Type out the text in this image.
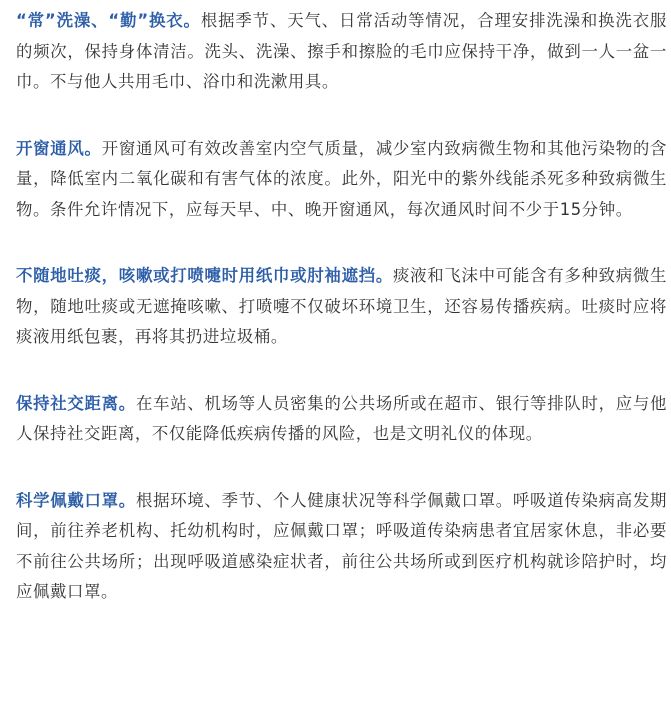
“常”洗澡、“勤”换衣。根据季节、天气、日常活动等情况，合理安排洗澡和换洗衣服的频次，保持身体清洁。洗头、洗澡、擦手和擦脸的毛巾应保持干净，做到一人一盆一巾。不与他人共用毛巾、浴巾和洗漱用具。

开窗通风。开窗通风可有效改善室内空气质量，减少室内致病微生物和其他污染物的含量，降低室内二氧化碳和有害气体的浓度。此外，阳光中的紫外线能杀死多种致病微生物。条件允许情况下，应每天早、中、晚开窗通风，每次通风时间不少于15分钟。

不随地吐痰，咳嗽或打喷嚏时用纸巾或肘袖遮挡。痰液和飞沫中可能含有多种致病微生物，随地吐痰或无遮掩咳嗽、打喷嚏不仅破坏环境卫生，还容易传播疾病。吐痰时应将痰液用纸包裹，再将其扔进垃圾桶。

保持社交距离。在车站、机场等人员密集的公共场所或在超市、银行等排队时，应与他人保持社交距离，不仅能降低疾病传播的风险，也是文明礼仪的体现。

科学佩戴口罩。根据环境、季节、个人健康状况等科学佩戴口罩。呼吸道传染病高发期间，前往养老机构、托幼机构时，应佩戴口罩；呼吸道传染病患者宜居家休息，非必要不前往公共场所；出现呼吸道感染症状者，前往公共场所或到医疗机构就诊陪护时，均应佩戴口罩。
